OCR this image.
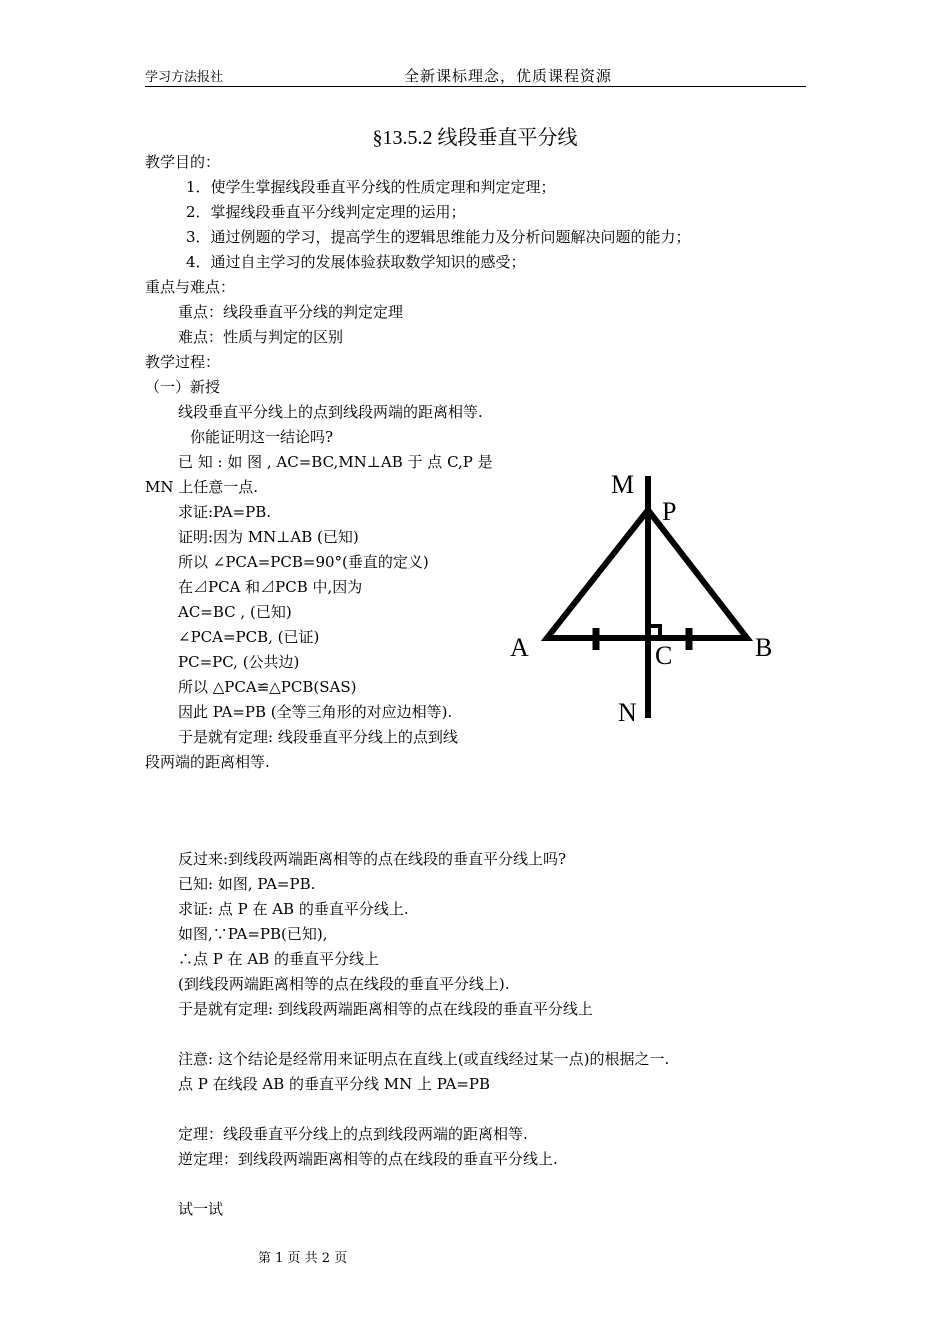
学习方法报社	全新课标理念，优质课程资源
§13.5.2 线段垂直平分线
教学目的：
1．使学生掌握线段垂直平分线的性质定理和判定定理；
2．掌握线段垂直平分线判定定理的运用；
3．通过例题的学习，提高学生的逻辑思维能力及分析问题解决问题的能力；
4．通过自主学习的发展体验获取数学知识的感受；
重点与难点：
重点：线段垂直平分线的判定定理
难点：性质与判定的区别
教学过程：
（一）新授
线段垂直平分线上的点到线段两端的距离相等.
你能证明这一结论吗?
已 知 : 如 图 , AC=BC,MN⊥AB 于 点 C,P 是
MN 上任意一点.
求证:PA=PB.
证明:因为 MN⊥AB (已知)
所以 ∠PCA=PCB=90°(垂直的定义)
在⊿PCA 和⊿PCB 中,因为
AC=BC , (已知)
∠PCA=PCB, (已证)
PC=PC, (公共边)
所以 △PCA≌△PCB(SAS)
因此 PA=PB (全等三角形的对应边相等).
于是就有定理: 线段垂直平分线上的点到线
段两端的距离相等.
M
P
A	B
C
N
反过来:到线段两端距离相等的点在线段的垂直平分线上吗?
已知: 如图, PA=PB.
求证: 点 P 在 AB 的垂直平分线上.
如图,∵PA=PB(已知),
∴点 P 在 AB 的垂直平分线上
(到线段两端距离相等的点在线段的垂直平分线上).
于是就有定理: 到线段两端距离相等的点在线段的垂直平分线上
注意: 这个结论是经常用来证明点在直线上(或直线经过某一点)的根据之一.
点 P 在线段 AB 的垂直平分线 MN 上 PA=PB
定理：线段垂直平分线上的点到线段两端的距离相等.
逆定理：到线段两端距离相等的点在线段的垂直平分线上.
试一试
第 1 页 共 2 页
